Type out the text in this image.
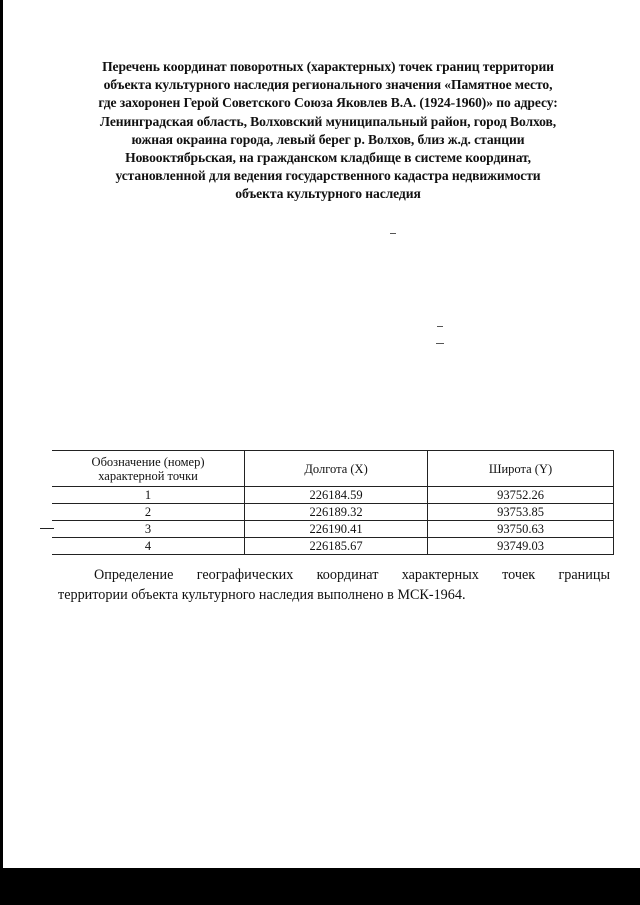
Перечень координат поворотных (характерных) точек границ территории
объекта культурного наследия регионального значения «Памятное место,
где захоронен Герой Советского Союза Яковлев В.А. (1924-1960)» по адресу:
Ленинградская область, Волховский муниципальный район, город Волхов,
южная окраина города, левый берег р. Волхов, близ ж.д. станции
Новооктябрьская, на гражданском кладбище в системе координат,
установленной для ведения государственного кадастра недвижимости
объекта культурного наследия
Обозначение (номер)
характерной точки	Долгота (X)	Широта (Y)
1	226184.59	93752.26
2	226189.32	93753.85
3	226190.41	93750.63
4	226185.67	93749.03
Определение географических координат характерных точек границы
территории объекта культурного наследия выполнено в МСК-1964.
